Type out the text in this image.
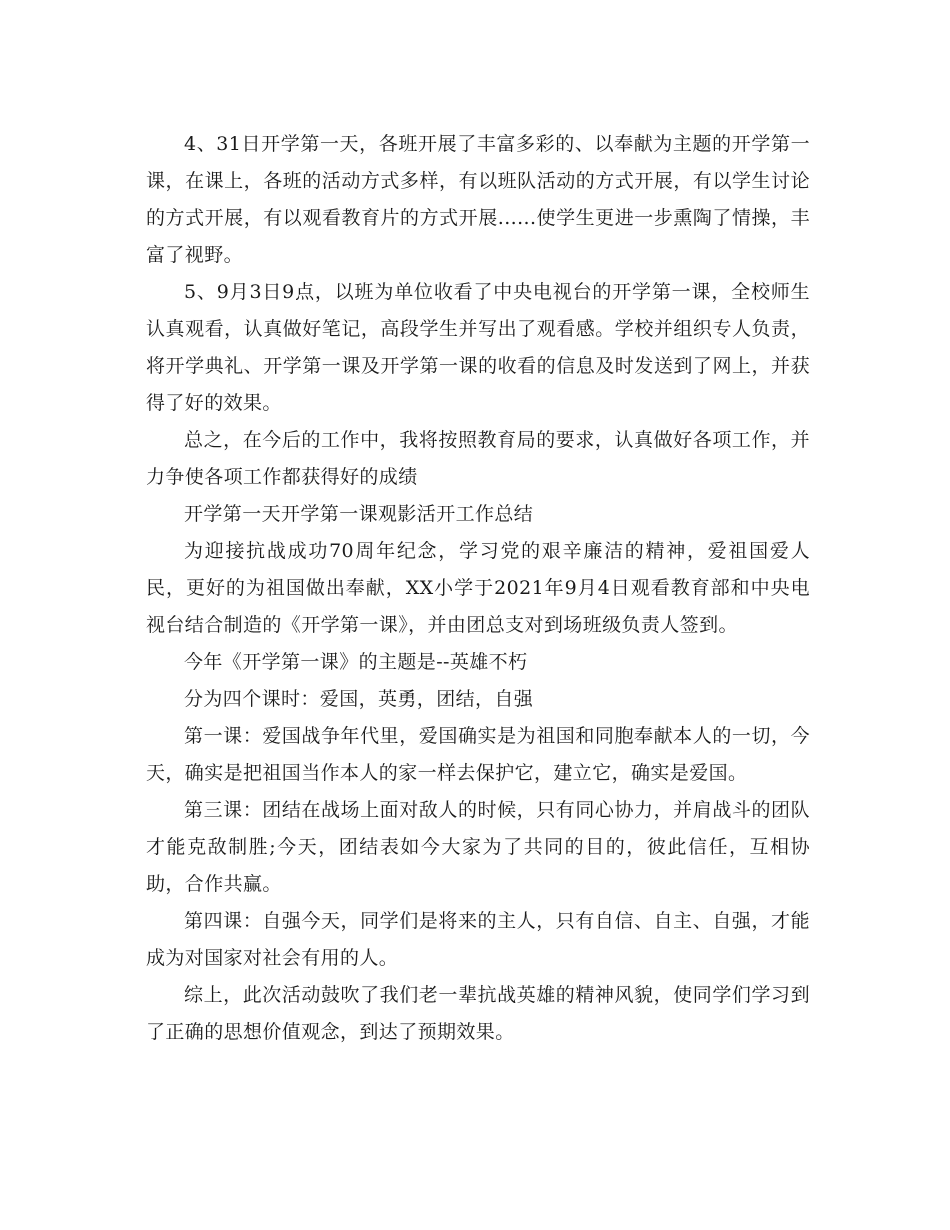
4、31日开学第一天，各班开展了丰富多彩的、以奉献为主题的开学第一课，在课上，各班的活动方式多样，有以班队活动的方式开展，有以学生讨论的方式开展，有以观看教育片的方式开展......使学生更进一步熏陶了情操，丰富了视野。

5、9月3日9点，以班为单位收看了中央电视台的开学第一课，全校师生认真观看，认真做好笔记，高段学生并写出了观看感。学校并组织专人负责，将开学典礼、开学第一课及开学第一课的收看的信息及时发送到了网上，并获得了好的效果。

总之，在今后的工作中，我将按照教育局的要求，认真做好各项工作，并力争使各项工作都获得好的成绩

开学第一天开学第一课观影活开工作总结

为迎接抗战成功70周年纪念，学习党的艰辛廉洁的精神，爱祖国爱人民，更好的为祖国做出奉献，XX小学于2021年9月4日观看教育部和中央电视台结合制造的《开学第一课》，并由团总支对到场班级负责人签到。

今年《开学第一课》的主题是--英雄不朽

分为四个课时：爱国，英勇，团结，自强

第一课：爱国战争年代里，爱国确实是为祖国和同胞奉献本人的一切，今天，确实是把祖国当作本人的家一样去保护它，建立它，确实是爱国。

第三课：团结在战场上面对敌人的时候，只有同心协力，并肩战斗的团队才能克敌制胜;今天，团结表如今大家为了共同的目的，彼此信任，互相协助，合作共赢。

第四课：自强今天，同学们是将来的主人，只有自信、自主、自强，才能成为对国家对社会有用的人。

综上，此次活动鼓吹了我们老一辈抗战英雄的精神风貌，使同学们学习到了正确的思想价值观念，到达了预期效果。
